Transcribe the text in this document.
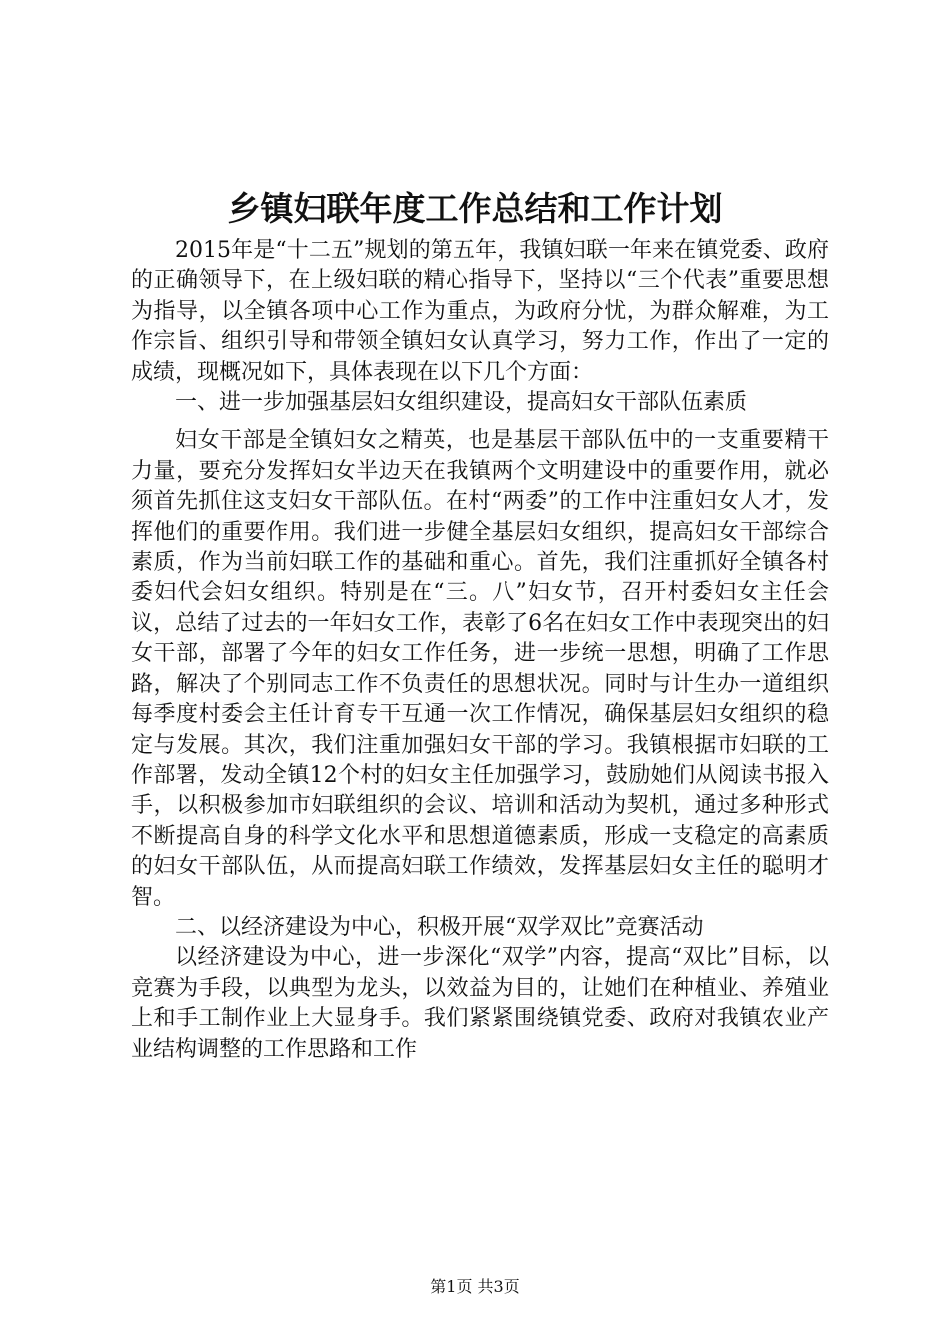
乡镇妇联年度工作总结和工作计划

2015年是“十二五”规划的第五年，我镇妇联一年来在镇党委、政府的正确领导下，在上级妇联的精心指导下，坚持以“三个代表”重要思想为指导，以全镇各项中心工作为重点，为政府分忧，为群众解难，为工作宗旨、组织引导和带领全镇妇女认真学习，努力工作，作出了一定的成绩，现概况如下，具体表现在以下几个方面：

一、进一步加强基层妇女组织建设，提高妇女干部队伍素质

妇女干部是全镇妇女之精英，也是基层干部队伍中的一支重要精干力量，要充分发挥妇女半边天在我镇两个文明建设中的重要作用，就必须首先抓住这支妇女干部队伍。在村“两委”的工作中注重妇女人才，发挥他们的重要作用。我们进一步健全基层妇女组织，提高妇女干部综合素质，作为当前妇联工作的基础和重心。首先，我们注重抓好全镇各村委妇代会妇女组织。特别是在“三。八”妇女节，召开村委妇女主任会议，总结了过去的一年妇女工作，表彰了6名在妇女工作中表现突出的妇女干部，部署了今年的妇女工作任务，进一步统一思想，明确了工作思路，解决了个别同志工作不负责任的思想状况。同时与计生办一道组织每季度村委会主任计育专干互通一次工作情况，确保基层妇女组织的稳定与发展。其次，我们注重加强妇女干部的学习。我镇根据市妇联的工作部署，发动全镇12个村的妇女主任加强学习，鼓励她们从阅读书报入手，以积极参加市妇联组织的会议、培训和活动为契机，通过多种形式不断提高自身的科学文化水平和思想道德素质，形成一支稳定的高素质的妇女干部队伍，从而提高妇联工作绩效，发挥基层妇女主任的聪明才智。

二、以经济建设为中心，积极开展“双学双比”竞赛活动

以经济建设为中心，进一步深化“双学”内容，提高“双比”目标，以竞赛为手段，以典型为龙头，以效益为目的，让她们在种植业、养殖业上和手工制作业上大显身手。我们紧紧围绕镇党委、政府对我镇农业产业结构调整的工作思路和工作

第1页 共3页
